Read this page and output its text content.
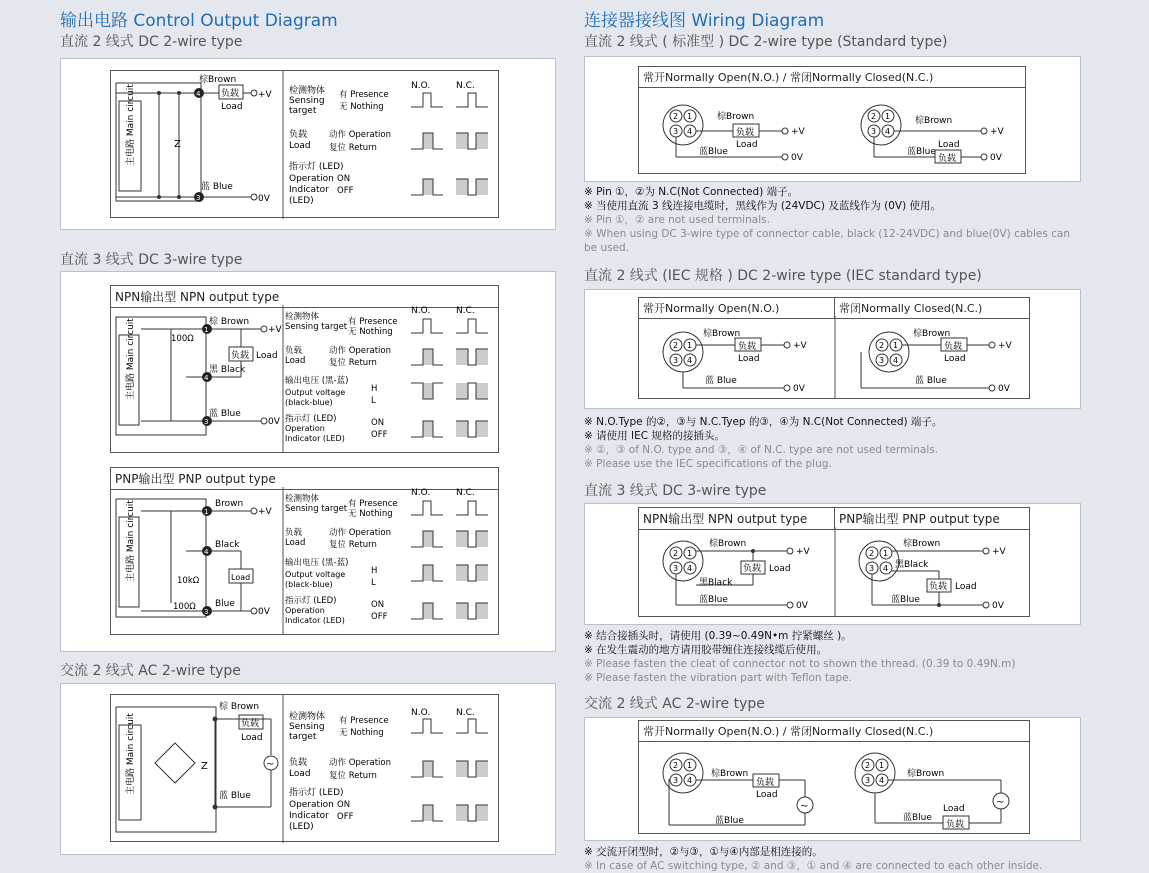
输出电路 Control Output Diagram
直流 2 线式 DC 2-wire type
主电路 Main circuit	Z
4
3
棕Brown
负载
Load
+V
蓝 Blue
0V
N.O.	N.C.
检测物体
Sensing
target
有 Presence
无 Nothing
负载
Load
动作 Operation
复位 Return
指示灯 (LED)
Operation
Indicator
(LED)
ON
OFF
直流 3 线式 DC 3-wire type
NPN输出型 NPN output type
主电路 Main circuit	100Ω
1
4
3
棕 Brown
+V
负载 Load
黑 Black
蓝 Blue
0V
N.O.	N.C.
检测物体
Sensing target 有 Presence
无 Nothing
负载
Load
动作 Operation
复位 Return
输出电压 (黑-蓝)
Output voltage
(black-blue)
H
L
指示灯 (LED)
Operation
Indicator (LED)
ON
OFF
PNP输出型 PNP output type
主电路 Main circuit	10kΩ
100Ω
1
4
3
Brown
+V
Black
Load
Blue
0V
N.O.	N.C.
检测物体
Sensing target 有 Presence
无 Nothing
负载
Load
动作 Operation
复位 Return
输出电压 (黑-蓝)
Output voltage
(black-blue)
H
L
指示灯 (LED)
Operation
Indicator (LED)
ON
OFF
交流 2 线式 AC 2-wire type
主电路 Main circuit	Z
棕 Brown
负载
Load
~
蓝 Blue
N.O.	N.C.
检测物体
Sensing
target
有 Presence
无 Nothing
负载
Load
动作 Operation
复位 Return
指示灯 (LED)
Operation
Indicator
(LED)
ON
OFF
连接器接线图 Wiring Diagram
直流 2 线式 ( 标准型 ) DC 2-wire type (Standard type)
常开Normally Open(N.O.) / 常闭Normally Closed(N.C.)
2 1
3 4
棕Brown
负载
Load
+V
0V
蓝Blue
2 1
3 4
棕Brown
+V
负载
Load
0V
蓝Blue
※ Pin ①，②为 N.C(Not Connected) 端子。
※ 当使用直流 3 线连接电缆时，黑线作为 (24VDC) 及蓝线作为 (0V) 使用。
※ Pin ①，② are not used terminals.
※ When using DC 3-wire type of connector cable, black (12-24VDC) and blue(0V) cables can
be used.
直流 2 线式 (IEC 规格 ) DC 2-wire type (IEC standard type)
常开Normally Open(N.O.)	常闭Normally Closed(N.C.)
2 1
3 4
棕Brown
负载
Load
+V
0V
蓝 Blue
2 1
3 4
棕Brown
负载
Load
+V
0V
蓝 Blue
※ N.O.Type 的②，③与 N.C.Tyep 的③，④为 N.C(Not Connected) 端子。
※ 请使用 IEC 规格的接插头。
※ ②，③ of N.O. type and ③，④ of N.C. type are not used terminals.
※ Please use the IEC specifications of the plug.
直流 3 线式 DC 3-wire type
NPN输出型 NPN output type	PNP输出型 PNP output type
2 1
3 4
棕Brown
+V
负载 Load
黑Black
0V
蓝Blue
2 1
3 4
棕Brown
+V
黑Black
负载 Load
0V
蓝Blue
※ 结合接插头时，请使用 (0.39~0.49N•m 拧紧螺丝 )。
※ 在发生震动的地方请用胶带缠住连接线缆后使用。
※ Please fasten the cleat of connector not to shown the thread. (0.39 to 0.49N.m)
※ Please fasten the vibration part with Teflon tape.
交流 2 线式 AC 2-wire type
常开Normally Open(N.O.) / 常闭Normally Closed(N.C.)
2 1
3 4
棕Brown
负载
Load
~
蓝Blue
2 1
3 4
棕Brown
~
负载
Load
蓝Blue
※ 交流开闭型时，②与③，①与④内部是相连接的。
※ In case of AC switching type, ② and ③，① and ④ are connected to each other inside.
